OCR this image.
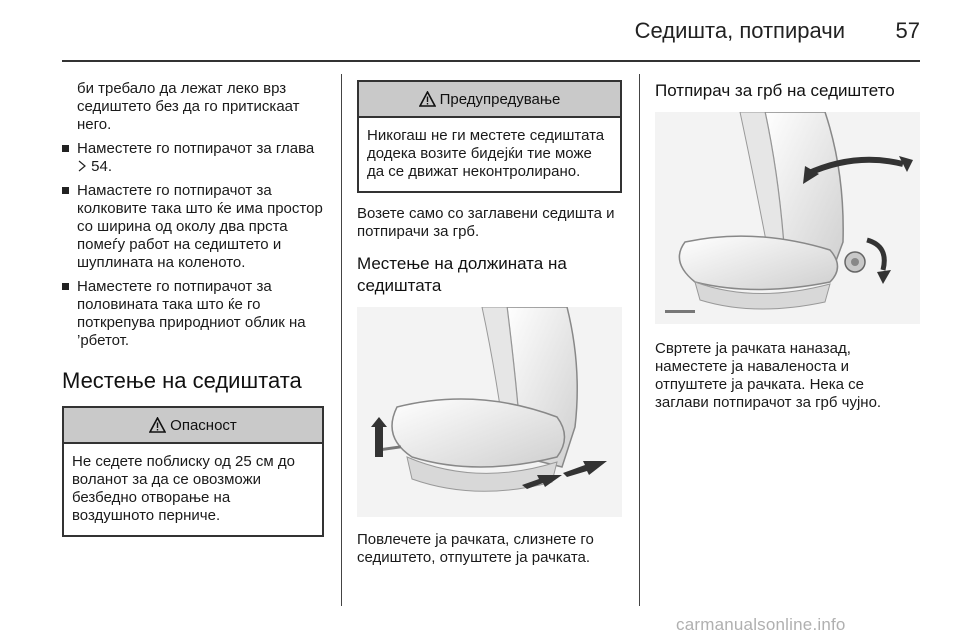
Седишта, потпирачи	57

би требало да лежат леко врз седиштето без да го притискаат него.

Наместете го потпирачот за глава  54.
Намастете го потпирачот за колковите така што ќе има простор со ширина од околу два прста помеѓу работ на седиштето и шуплината на коленото.
Наместете го потпирачот за половината така што ќе го поткрепува природниот облик на ’рбетот.
Местење на седиштата
Опасност
Не седете поблиску од 25 см до воланот за да се овозможи безбедно отворање на воздушното перниче.
Предупредување
Никогаш не ги местете седиштата додека возите бидејќи тие може да се движат неконтролирано.

Возете само со заглавени седишта и потпирачи за грб.

Местење на должината на седиштата

Повлечете ја рачката, слизнете го седиштето, отпуштете ја рачката.

Потпирач за грб на седиштето

Свртете ја рачката наназад, наместете ја наваленоста и отпуштете ја рачката. Нека се заглави потпирачот за грб чујно.

carmanualsonline.info
